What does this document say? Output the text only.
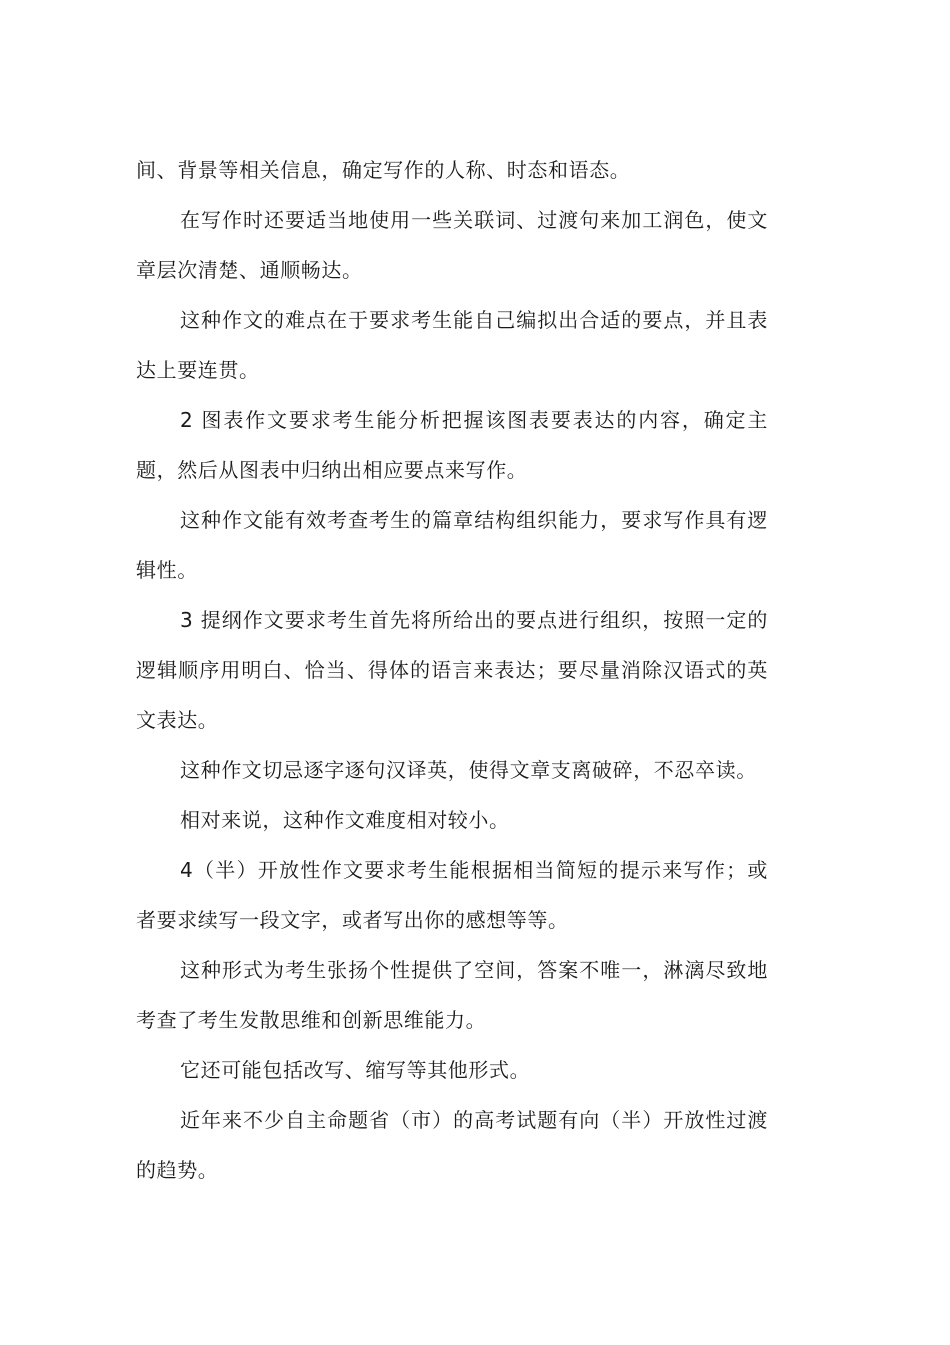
间、背景等相关信息，确定写作的人称、时态和语态。

在写作时还要适当地使用一些关联词、过渡句来加工润色，使文章层次清楚、通顺畅达。

这种作文的难点在于要求考生能自己编拟出合适的要点，并且表达上要连贯。

2 图表作文要求考生能分析把握该图表要表达的内容，确定主题，然后从图表中归纳出相应要点来写作。

这种作文能有效考查考生的篇章结构组织能力，要求写作具有逻辑性。

3 提纲作文要求考生首先将所给出的要点进行组织，按照一定的逻辑顺序用明白、恰当、得体的语言来表达；要尽量消除汉语式的英文表达。

这种作文切忌逐字逐句汉译英，使得文章支离破碎，不忍卒读。

相对来说，这种作文难度相对较小。

4（半）开放性作文要求考生能根据相当简短的提示来写作；或者要求续写一段文字，或者写出你的感想等等。

这种形式为考生张扬个性提供了空间，答案不唯一，淋漓尽致地考查了考生发散思维和创新思维能力。

它还可能包括改写、缩写等其他形式。

近年来不少自主命题省（市）的高考试题有向（半）开放性过渡的趋势。
